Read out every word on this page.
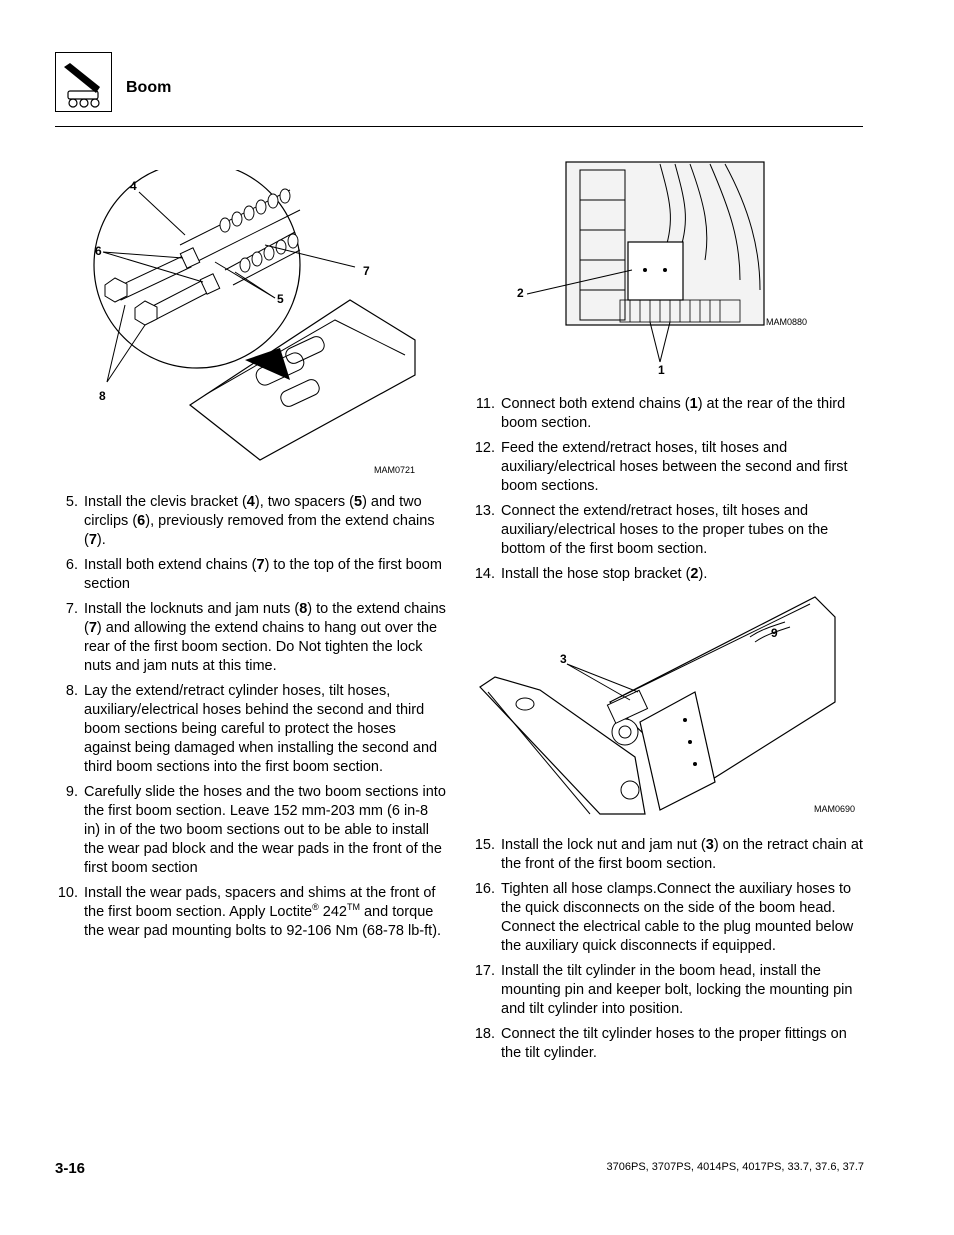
Boom
4
6
7
5
8
MAM0721
2
1
MAM0880
3
9
MAM0690
5. Install the clevis bracket (4), two spacers (5) and two circlips (6), previously removed from the extend chains (7).
6. Install both extend chains (7) to the top of the first boom section
7. Install the locknuts and jam nuts (8) to the extend chains (7) and allowing the extend chains to hang out over the rear of the first boom section. Do Not tighten the lock nuts and jam nuts at this time.
8. Lay the extend/retract cylinder hoses, tilt hoses, auxiliary/electrical hoses behind the second and third boom sections being careful to protect the hoses against being damaged when installing the second and third boom sections into the first boom section.
9. Carefully slide the hoses and the two boom sections into the first boom section. Leave 152 mm-203 mm (6 in-8 in) in of the two boom sections out to be able to install the wear pad block and the wear pads in the front of the first boom section
10. Install the wear pads, spacers and shims at the front of the first boom section. Apply Loctite® 242™ and torque the wear pad mounting bolts to 92-106 Nm (68-78 lb-ft).
11. Connect both extend chains (1) at the rear of the third boom section.
12. Feed the extend/retract hoses, tilt hoses and auxiliary/electrical hoses between the second and first boom sections.
13. Connect the extend/retract hoses, tilt hoses and auxiliary/electrical hoses to the proper tubes on the bottom of the first boom section.
14. Install the hose stop bracket (2).
15. Install the lock nut and jam nut (3) on the retract chain at the front of the first boom section.
16. Tighten all hose clamps.Connect the auxiliary hoses to the quick disconnects on the side of the boom head. Connect the electrical cable to the plug mounted below the auxiliary quick disconnects if equipped.
17. Install the tilt cylinder in the boom head, install the mounting pin and keeper bolt, locking the mounting pin and tilt cylinder into position.
18. Connect the tilt cylinder hoses to the proper fittings on the tilt cylinder.
3-16	3706PS, 3707PS, 4014PS, 4017PS, 33.7, 37.6, 37.7
